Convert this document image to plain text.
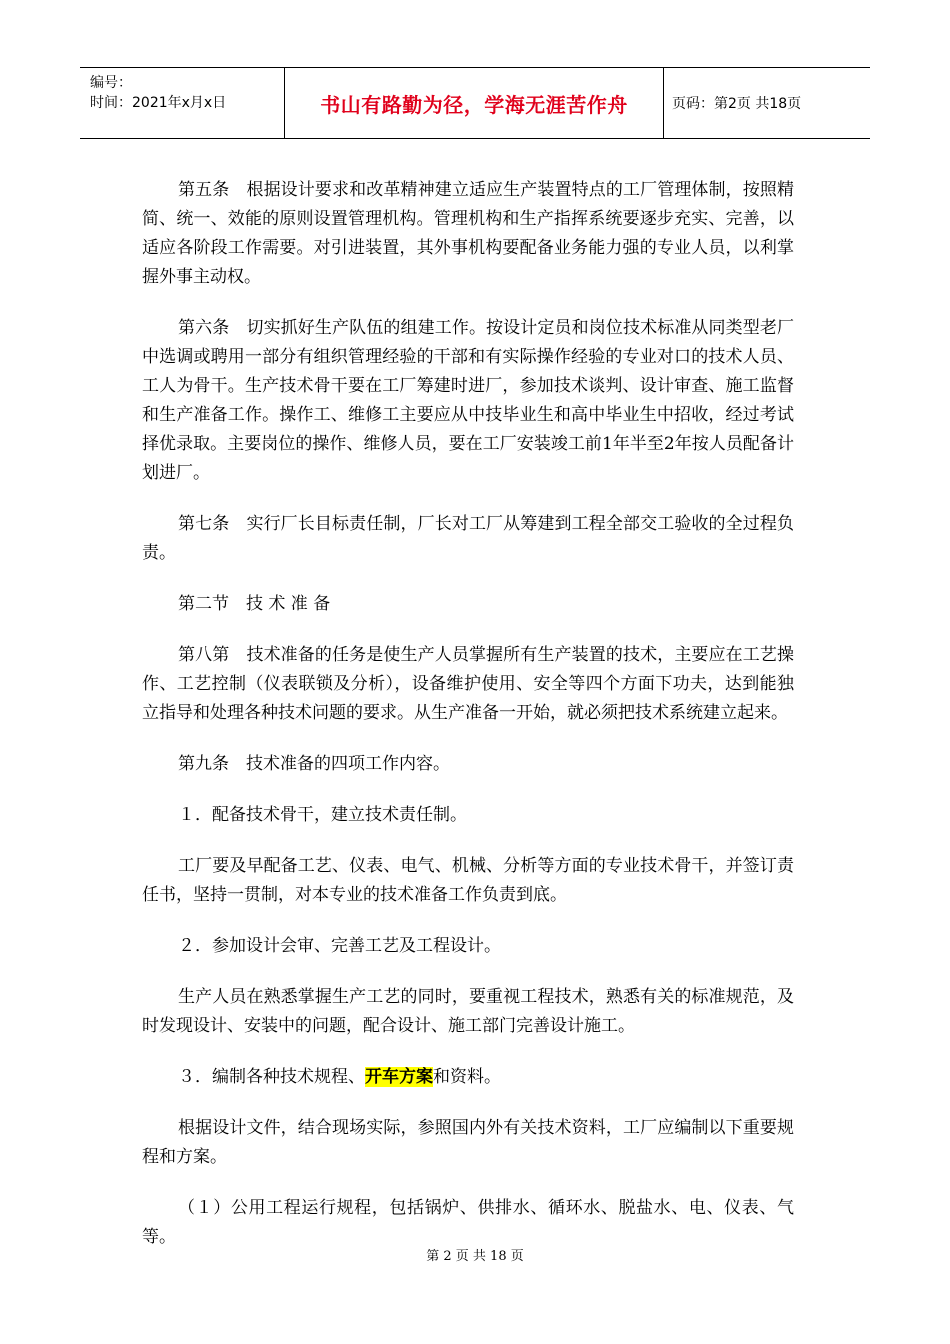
编号：
时间：2021年x月x日	书山有路勤为径，学海无涯苦作舟	页码：第2页 共18页

第五条　根据设计要求和改革精神建立适应生产装置特点的工厂管理体制，按照精简、统一、效能的原则设置管理机构。管理机构和生产指挥系统要逐步充实、完善，以适应各阶段工作需要。对引进装置，其外事机构要配备业务能力强的专业人员，以利掌握外事主动权。

第六条　切实抓好生产队伍的组建工作。按设计定员和岗位技术标准从同类型老厂中选调或聘用一部分有组织管理经验的干部和有实际操作经验的专业对口的技术人员、工人为骨干。生产技术骨干要在工厂筹建时进厂，参加技术谈判、设计审查、施工监督和生产准备工作。操作工、维修工主要应从中技毕业生和高中毕业生中招收，经过考试择优录取。主要岗位的操作、维修人员，要在工厂安装竣工前1年半至2年按人员配备计划进厂。

第七条　实行厂长目标责任制，厂长对工厂从筹建到工程全部交工验收的全过程负责。

第二节　技 术 准 备

第八第　技术准备的任务是使生产人员掌握所有生产装置的技术，主要应在工艺操作、工艺控制（仪表联锁及分析），设备维护使用、安全等四个方面下功夫，达到能独立指导和处理各种技术问题的要求。从生产准备一开始，就必须把技术系统建立起来。

第九条　技术准备的四项工作内容。

１．配备技术骨干，建立技术责任制。

工厂要及早配备工艺、仪表、电气、机械、分析等方面的专业技术骨干，并签订责任书，坚持一贯制，对本专业的技术准备工作负责到底。

２．参加设计会审、完善工艺及工程设计。

生产人员在熟悉掌握生产工艺的同时，要重视工程技术，熟悉有关的标准规范，及时发现设计、安装中的问题，配合设计、施工部门完善设计施工。

３．编制各种技术规程、开车方案和资料。

根据设计文件，结合现场实际，参照国内外有关技术资料，工厂应编制以下重要规程和方案。

（１）公用工程运行规程，包括锅炉、供排水、循环水、脱盐水、电、仪表、气等。

第 2 页 共 18 页
